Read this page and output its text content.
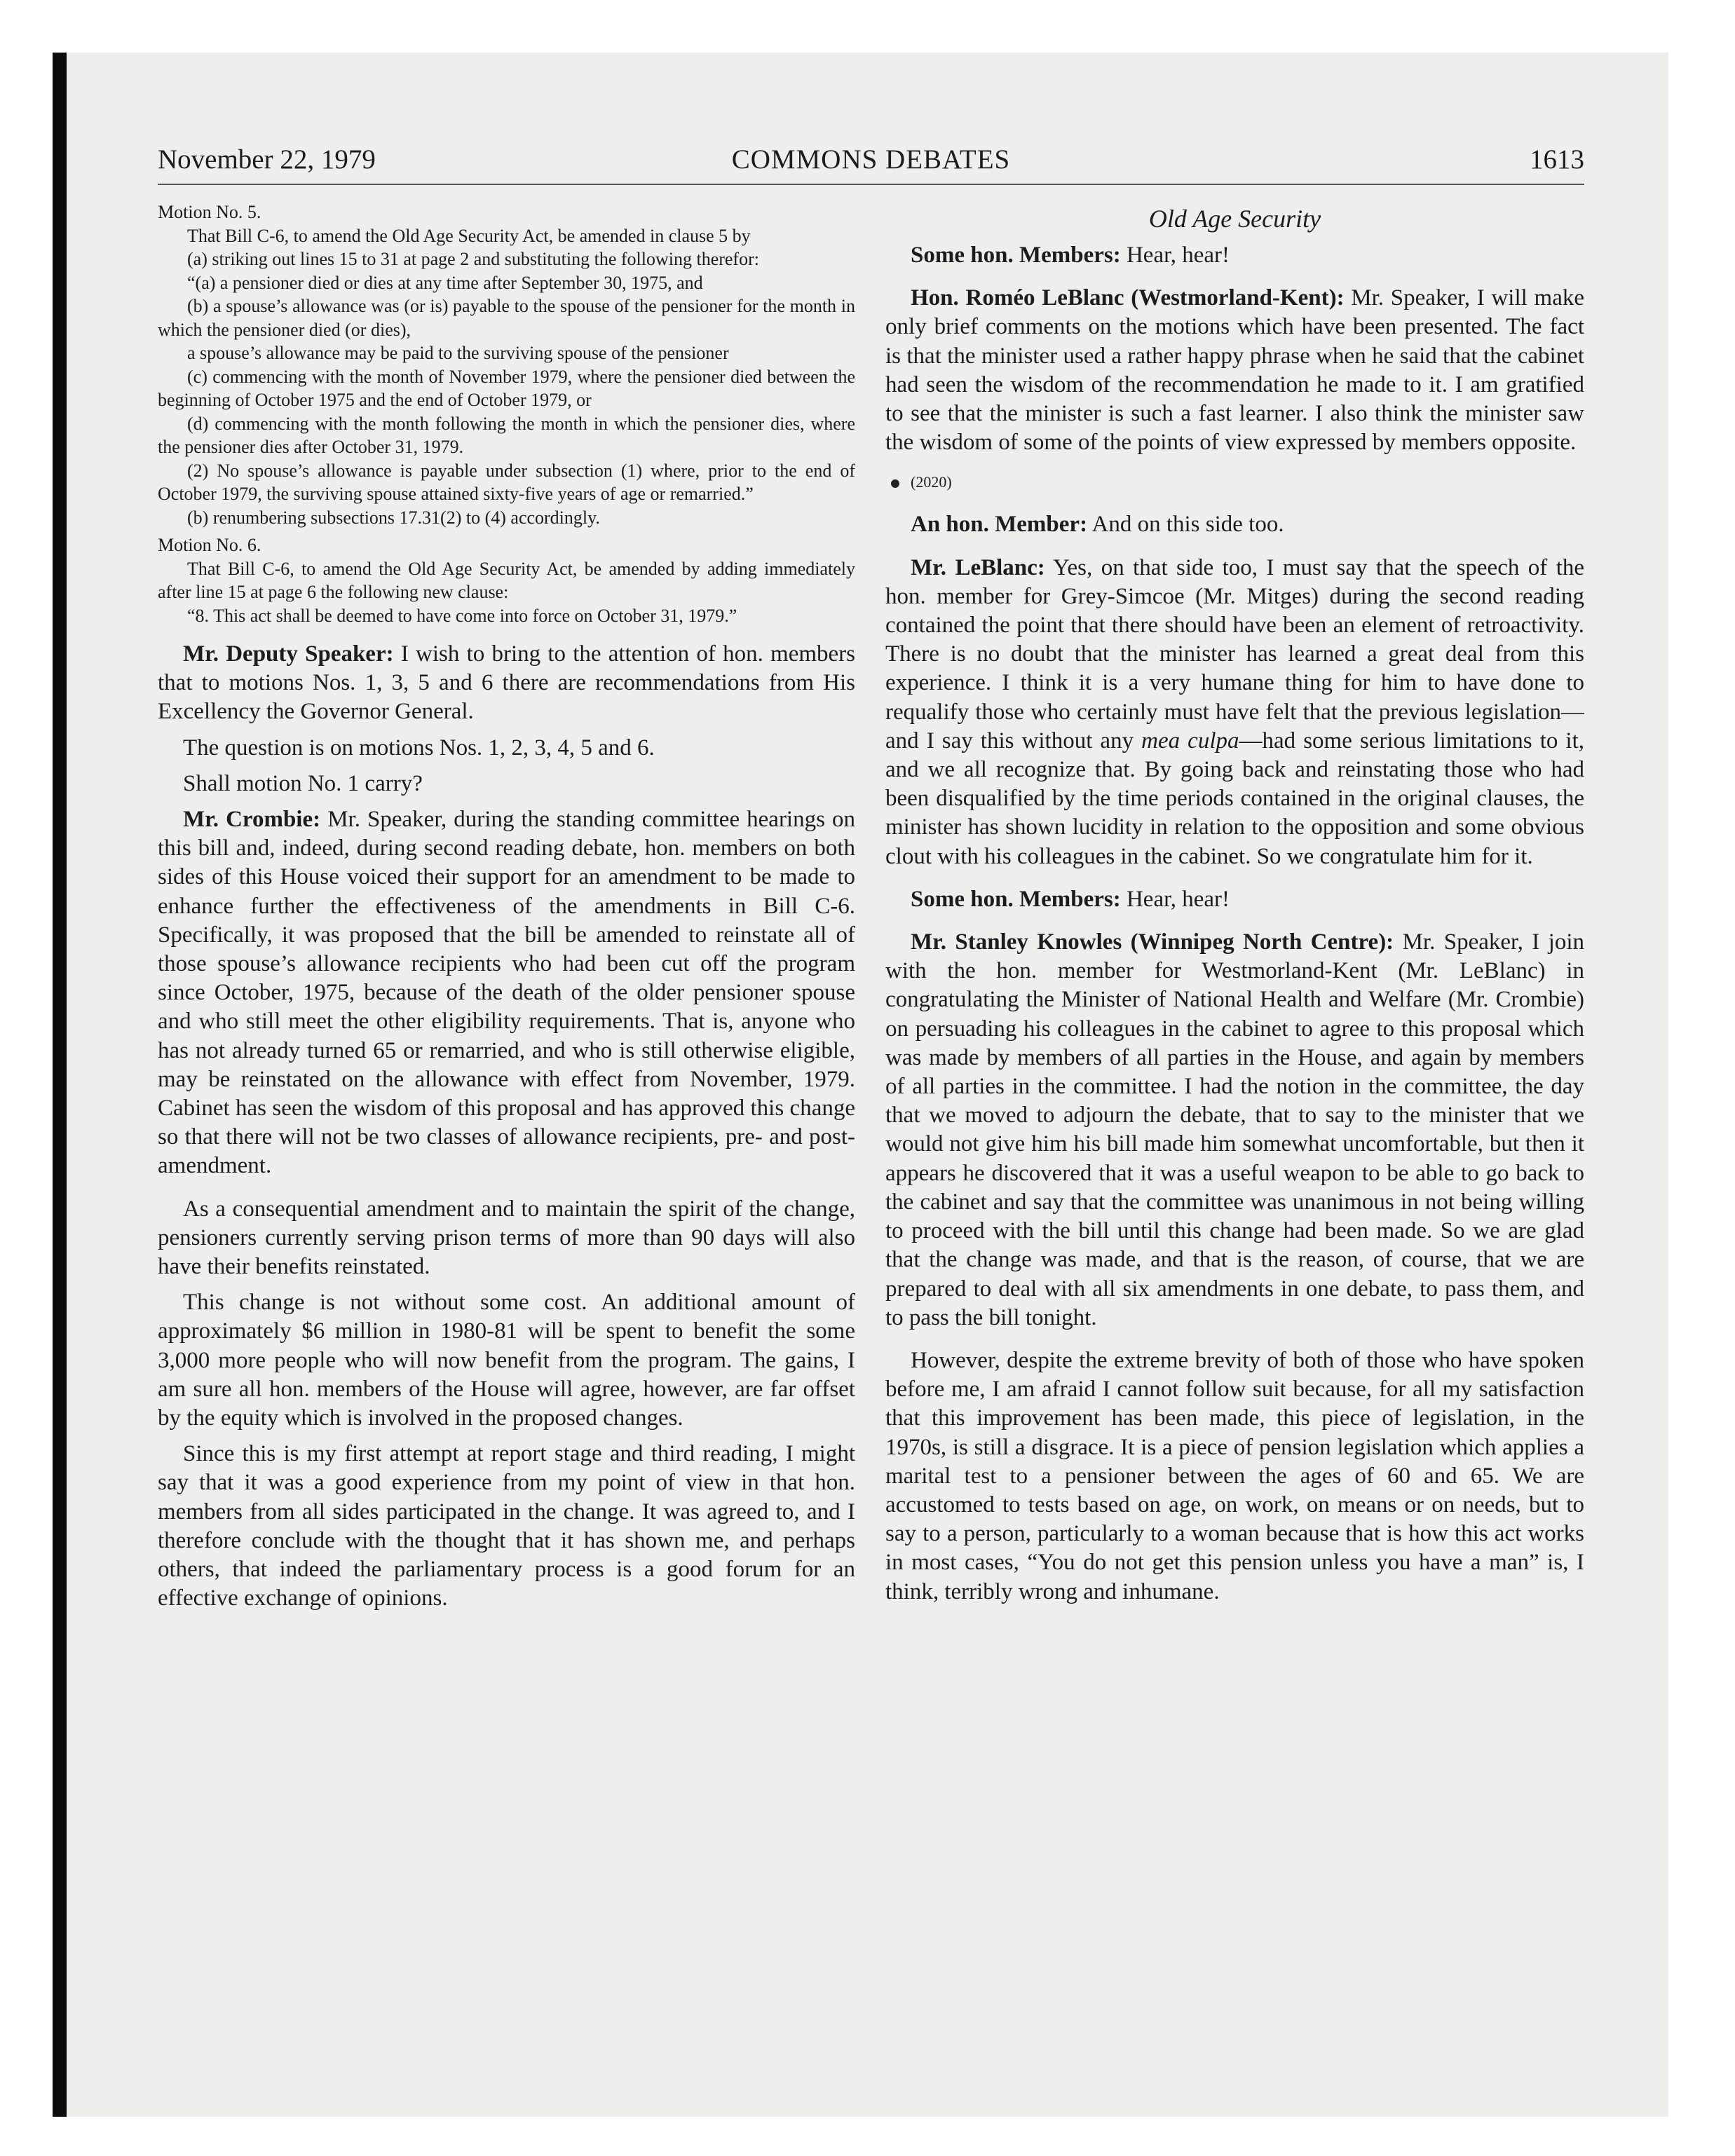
November 22, 1979	COMMONS DEBATES	1613

Motion No. 5.

That Bill C-6, to amend the Old Age Security Act, be amended in clause 5 by

(a) striking out lines 15 to 31 at page 2 and substituting the following therefor:

“(a) a pensioner died or dies at any time after September 30, 1975, and

(b) a spouse’s allowance was (or is) payable to the spouse of the pensioner for the month in which the pensioner died (or dies),

a spouse’s allowance may be paid to the surviving spouse of the pensioner

(c) commencing with the month of November 1979, where the pensioner died between the beginning of October 1975 and the end of October 1979, or

(d) commencing with the month following the month in which the pensioner dies, where the pensioner dies after October 31, 1979.

(2) No spouse’s allowance is payable under subsection (1) where, prior to the end of October 1979, the surviving spouse attained sixty-five years of age or remarried.”

(b) renumbering subsections 17.31(2) to (4) accordingly.

Motion No. 6.

That Bill C-6, to amend the Old Age Security Act, be amended by adding immediately after line 15 at page 6 the following new clause:

“8. This act shall be deemed to have come into force on October 31, 1979.”

Mr. Deputy Speaker: I wish to bring to the attention of hon. members that to motions Nos. 1, 3, 5 and 6 there are recommendations from His Excellency the Governor General.

The question is on motions Nos. 1, 2, 3, 4, 5 and 6.

Shall motion No. 1 carry?

Mr. Crombie: Mr. Speaker, during the standing committee hearings on this bill and, indeed, during second reading debate, hon. members on both sides of this House voiced their support for an amendment to be made to enhance further the effectiveness of the amendments in Bill C-6. Specifically, it was proposed that the bill be amended to reinstate all of those spouse’s allowance recipients who had been cut off the program since October, 1975, because of the death of the older pensioner spouse and who still meet the other eligibility requirements. That is, anyone who has not already turned 65 or remarried, and who is still otherwise eligible, may be reinstated on the allowance with effect from November, 1979. Cabinet has seen the wisdom of this proposal and has approved this change so that there will not be two classes of allowance recipients, pre- and post-amendment.

As a consequential amendment and to maintain the spirit of the change, pensioners currently serving prison terms of more than 90 days will also have their benefits reinstated.

This change is not without some cost. An additional amount of approximately $6 million in 1980-81 will be spent to benefit the some 3,000 more people who will now benefit from the program. The gains, I am sure all hon. members of the House will agree, however, are far offset by the equity which is involved in the proposed changes.

Since this is my first attempt at report stage and third reading, I might say that it was a good experience from my point of view in that hon. members from all sides participated in the change. It was agreed to, and I therefore conclude with the thought that it has shown me, and perhaps others, that indeed the parliamentary process is a good forum for an effective exchange of opinions.

Old Age Security

Some hon. Members: Hear, hear!

Hon. Roméo LeBlanc (Westmorland-Kent): Mr. Speaker, I will make only brief comments on the motions which have been presented. The fact is that the minister used a rather happy phrase when he said that the cabinet had seen the wisdom of the recommendation he made to it. I am gratified to see that the minister is such a fast learner. I also think the minister saw the wisdom of some of the points of view expressed by members opposite.

(2020)

An hon. Member: And on this side too.

Mr. LeBlanc: Yes, on that side too, I must say that the speech of the hon. member for Grey-Simcoe (Mr. Mitges) during the second reading contained the point that there should have been an element of retroactivity. There is no doubt that the minister has learned a great deal from this experience. I think it is a very humane thing for him to have done to requalify those who certainly must have felt that the previous legislation—and I say this without any mea culpa—had some serious limitations to it, and we all recognize that. By going back and reinstating those who had been disqualified by the time periods contained in the original clauses, the minister has shown lucidity in relation to the opposition and some obvious clout with his colleagues in the cabinet. So we congratulate him for it.

Some hon. Members: Hear, hear!

Mr. Stanley Knowles (Winnipeg North Centre): Mr. Speaker, I join with the hon. member for Westmorland-Kent (Mr. LeBlanc) in congratulating the Minister of National Health and Welfare (Mr. Crombie) on persuading his colleagues in the cabinet to agree to this proposal which was made by members of all parties in the House, and again by members of all parties in the committee. I had the notion in the committee, the day that we moved to adjourn the debate, that to say to the minister that we would not give him his bill made him somewhat uncomfortable, but then it appears he discovered that it was a useful weapon to be able to go back to the cabinet and say that the committee was unanimous in not being willing to proceed with the bill until this change had been made. So we are glad that the change was made, and that is the reason, of course, that we are prepared to deal with all six amendments in one debate, to pass them, and to pass the bill tonight.

However, despite the extreme brevity of both of those who have spoken before me, I am afraid I cannot follow suit because, for all my satisfaction that this improvement has been made, this piece of legislation, in the 1970s, is still a disgrace. It is a piece of pension legislation which applies a marital test to a pensioner between the ages of 60 and 65. We are accustomed to tests based on age, on work, on means or on needs, but to say to a person, particularly to a woman because that is how this act works in most cases, “You do not get this pension unless you have a man” is, I think, terribly wrong and inhumane.
